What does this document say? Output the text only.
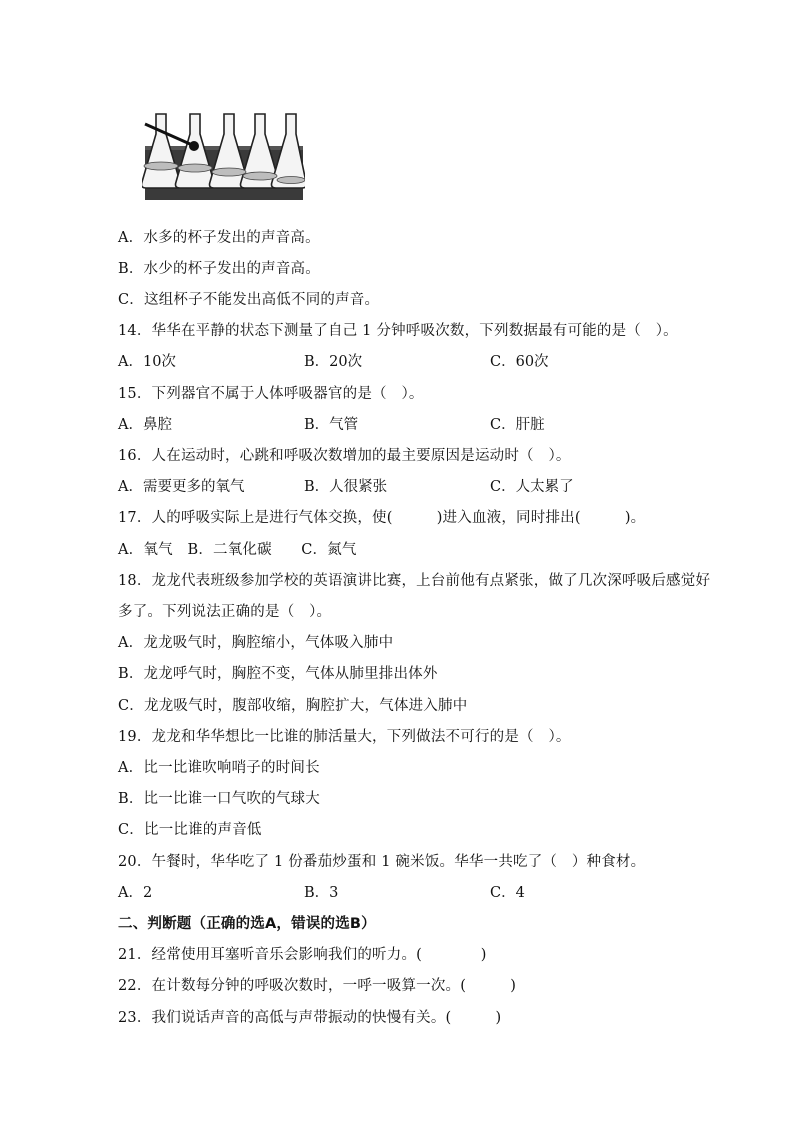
A．水多的杯子发出的声音高。
B．水少的杯子发出的声音高。
C．这组杯子不能发出高低不同的声音。
14．华华在平静的状态下测量了自己 1 分钟呼吸次数，下列数据最有可能的是（　）。
A．10次	B．20次	C．60次
15．下列器官不属于人体呼吸器官的是（　）。
A．鼻腔	B．气管	C．肝脏
16．人在运动时，心跳和呼吸次数增加的最主要原因是运动时（　）。
A．需要更多的氧气	B．人很紧张	C．人太累了
17．人的呼吸实际上是进行气体交换，使(　　　)进入血液，同时排出(　　　)。
A．氧气　B．二氧化碳　　C．氮气
18．龙龙代表班级参加学校的英语演讲比赛，上台前他有点紧张，做了几次深呼吸后感觉好
多了。下列说法正确的是（　）。
A．龙龙吸气时，胸腔缩小，气体吸入肺中
B．龙龙呼气时，胸腔不变，气体从肺里排出体外
C．龙龙吸气时，腹部收缩，胸腔扩大，气体进入肺中
19．龙龙和华华想比一比谁的肺活量大，下列做法不可行的是（　）。
A．比一比谁吹响哨子的时间长
B．比一比谁一口气吹的气球大
C．比一比谁的声音低
20．午餐时，华华吃了 1 份番茄炒蛋和 1 碗米饭。华华一共吃了（　）种食材。
A．2	B．3	C．4
二、判断题（正确的选A，错误的选B）
21．经常使用耳塞听音乐会影响我们的听力。(　　　　)
22．在计数每分钟的呼吸次数时，一呼一吸算一次。(　　　)
23．我们说话声音的高低与声带振动的快慢有关。(　　　)
